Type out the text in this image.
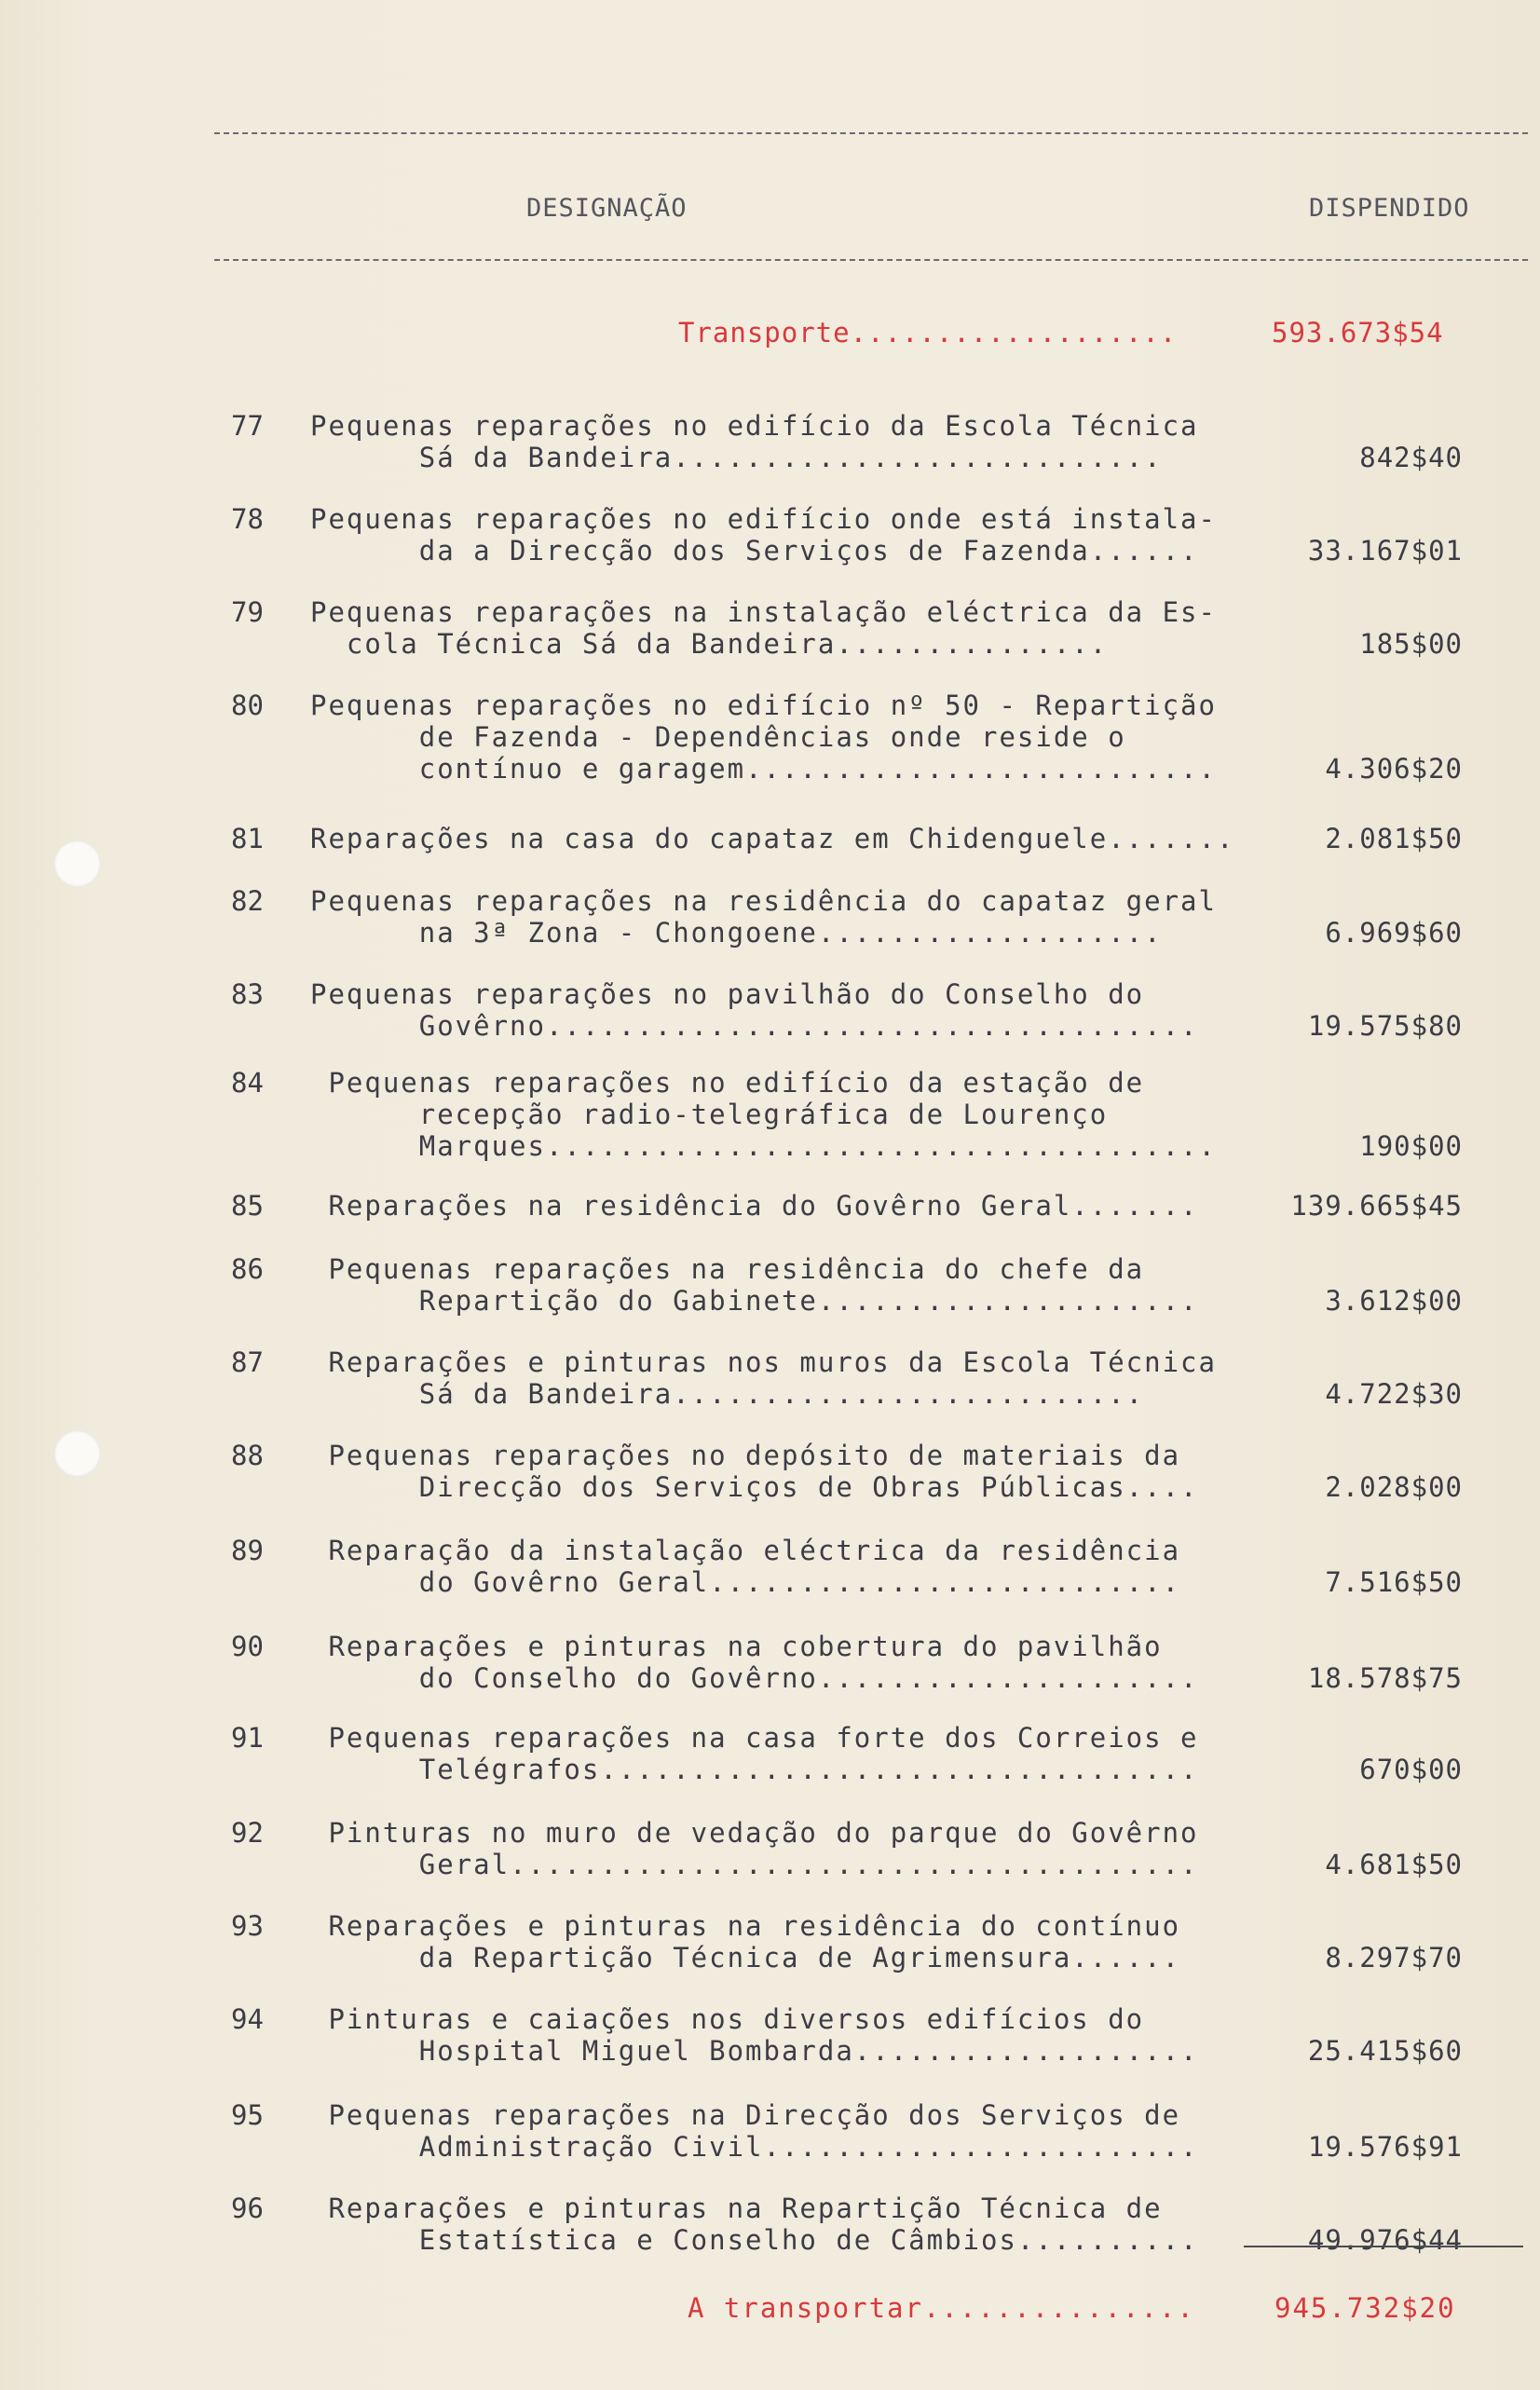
DESIGNAÇÃO	DISPENDIDO
Transporte...................	593.673$54
77	Pequenas reparações no edifício da Escola Técnica
Sá da Bandeira...........................	842$40
78	Pequenas reparações no edifício onde está instala-
da a Direcção dos Serviços de Fazenda......	33.167$01
79	Pequenas reparações na instalação eléctrica da Es-
cola Técnica Sá da Bandeira...............	185$00
80	Pequenas reparações no edifício nº 50 - Repartição
de Fazenda - Dependências onde reside o
contínuo e garagem..........................	4.306$20
81	Reparações na casa do capataz em Chidenguele.......	2.081$50
82	Pequenas reparações na residência do capataz geral
na 3ª Zona - Chongoene...................	6.969$60
83	Pequenas reparações no pavilhão do Conselho do
Govêrno....................................	19.575$80
84	Pequenas reparações no edifício da estação de
recepção radio-telegráfica de Lourenço
Marques.....................................	190$00
85	Reparações na residência do Govêrno Geral.......	139.665$45
86	Pequenas reparações na residência do chefe da
Repartição do Gabinete.....................	3.612$00
87	Reparações e pinturas nos muros da Escola Técnica
Sá da Bandeira..........................	4.722$30
88	Pequenas reparações no depósito de materiais da
Direcção dos Serviços de Obras Públicas....	2.028$00
89	Reparação da instalação eléctrica da residência
do Govêrno Geral..........................	7.516$50
90	Reparações e pinturas na cobertura do pavilhão
do Conselho do Govêrno.....................	18.578$75
91	Pequenas reparações na casa forte dos Correios e
Telégrafos.................................	670$00
92	Pinturas no muro de vedação do parque do Govêrno
Geral......................................	4.681$50
93	Reparações e pinturas na residência do contínuo
da Repartição Técnica de Agrimensura......	8.297$70
94	Pinturas e caiações nos diversos edifícios do
Hospital Miguel Bombarda...................	25.415$60
95	Pequenas reparações na Direcção dos Serviços de
Administração Civil........................	19.576$91
96	Reparações e pinturas na Repartição Técnica de
Estatística e Conselho de Câmbios..........	49.976$44
A transportar...............	945.732$20
